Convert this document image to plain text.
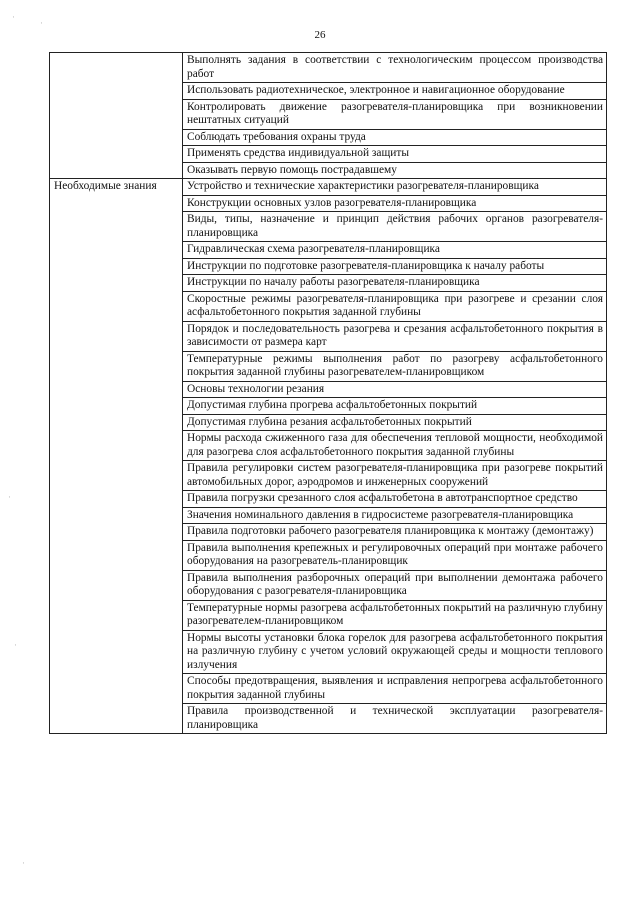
26
	Выполнять задания в соответствии с технологическим процессом производства работ
	Использовать радиотехническое, электронное и навигационное оборудование
	Контролировать движение разогревателя-планировщика при возникновении нештатных ситуаций
	Соблюдать требования охраны труда
	Применять средства индивидуальной защиты
	Оказывать первую помощь пострадавшему
Необходимые знания	Устройство и технические характеристики разогревателя-планировщика
	Конструкции основных узлов разогревателя-планировщика
	Виды, типы, назначение и принцип действия рабочих органов разогревателя-планировщика
	Гидравлическая схема разогревателя-планировщика
	Инструкции по подготовке разогревателя-планировщика к началу работы
	Инструкции по началу работы разогревателя-планировщика
	Скоростные режимы разогревателя-планировщика при разогреве и срезании слоя асфальтобетонного покрытия заданной глубины
	Порядок и последовательность разогрева и срезания асфальтобетонного покрытия в зависимости от размера карт
	Температурные режимы выполнения работ по разогреву асфальтобетонного покрытия заданной глубины разогревателем-планировщиком
	Основы технологии резания
	Допустимая глубина прогрева асфальтобетонных покрытий
	Допустимая глубина резания асфальтобетонных покрытий
	Нормы расхода сжиженного газа для обеспечения тепловой мощности, необходимой для разогрева слоя асфальтобетонного покрытия заданной глубины
	Правила регулировки систем разогревателя-планировщика при разогреве покрытий автомобильных дорог, аэродромов и инженерных сооружений
	Правила погрузки срезанного слоя асфальтобетона в автотранспортное средство
	Значения номинального давления в гидросистеме разогревателя-планировщика
	Правила подготовки рабочего разогревателя планировщика к монтажу (демонтажу)
	Правила выполнения крепежных и регулировочных операций при монтаже рабочего оборудования на разогреватель-планировщик
	Правила выполнения разборочных операций при выполнении демонтажа рабочего оборудования с разогревателя-планировщика
	Температурные нормы разогрева асфальтобетонных покрытий на различную глубину разогревателем-планировщиком
	Нормы высоты установки блока горелок для разогрева асфальтобетонного покрытия на различную глубину с учетом условий окружающей среды и мощности теплового излучения
	Способы предотвращения, выявления и исправления непрогрева асфальтобетонного покрытия заданной глубины
	Правила производственной и технической эксплуатации разогревателя-планировщика
·
·
·
·
·
